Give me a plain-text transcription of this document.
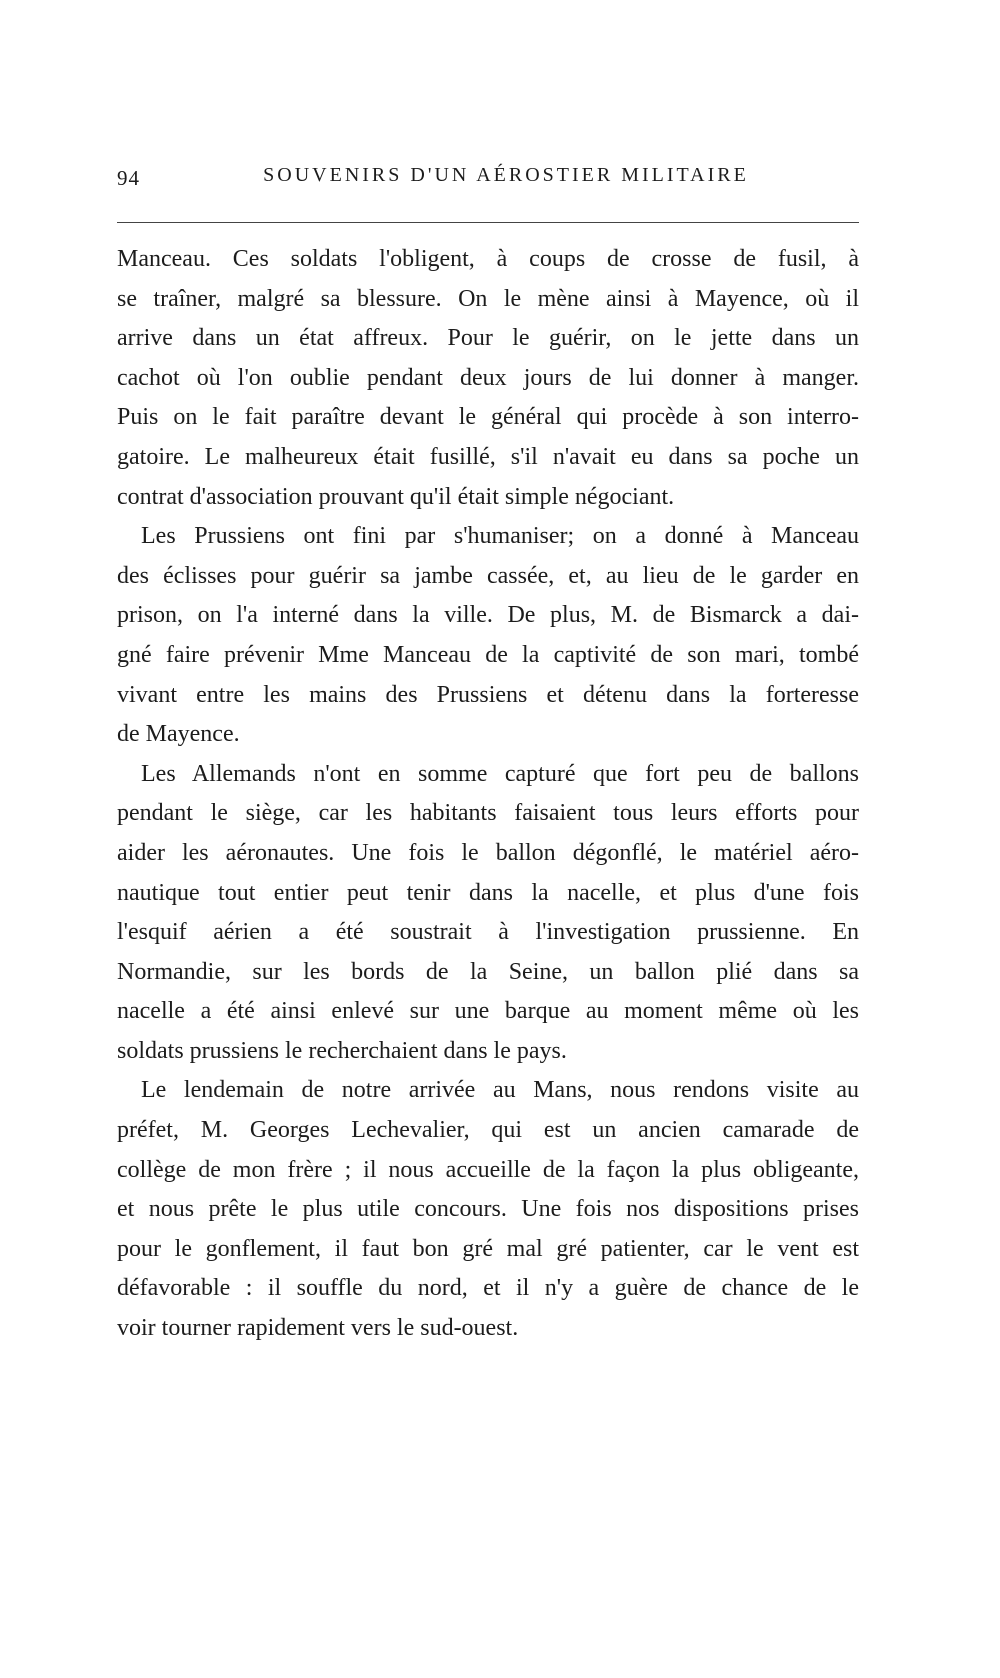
94	SOUVENIRS D'UN AÉROSTIER MILITAIRE
Manceau. Ces soldats l'obligent, à coups de crosse de fusil, à
se traîner, malgré sa blessure. On le mène ainsi à Mayence, où il
arrive dans un état affreux. Pour le guérir, on le jette dans un
cachot où l'on oublie pendant deux jours de lui donner à manger.
Puis on le fait paraître devant le général qui procède à son interro-
gatoire. Le malheureux était fusillé, s'il n'avait eu dans sa poche un
contrat d'association prouvant qu'il était simple négociant.
Les Prussiens ont fini par s'humaniser; on a donné à Manceau
des éclisses pour guérir sa jambe cassée, et, au lieu de le garder en
prison, on l'a interné dans la ville. De plus, M. de Bismarck a dai-
gné faire prévenir Mme Manceau de la captivité de son mari, tombé
vivant entre les mains des Prussiens et détenu dans la forteresse
de Mayence.
Les Allemands n'ont en somme capturé que fort peu de ballons
pendant le siège, car les habitants faisaient tous leurs efforts pour
aider les aéronautes. Une fois le ballon dégonflé, le matériel aéro-
nautique tout entier peut tenir dans la nacelle, et plus d'une fois
l'esquif aérien a été soustrait à l'investigation prussienne. En
Normandie, sur les bords de la Seine, un ballon plié dans sa
nacelle a été ainsi enlevé sur une barque au moment même où les
soldats prussiens le recherchaient dans le pays.
Le lendemain de notre arrivée au Mans, nous rendons visite au
préfet, M. Georges Lechevalier, qui est un ancien camarade de
collège de mon frère ; il nous accueille de la façon la plus obligeante,
et nous prête le plus utile concours. Une fois nos dispositions prises
pour le gonflement, il faut bon gré mal gré patienter, car le vent est
défavorable : il souffle du nord, et il n'y a guère de chance de le
voir tourner rapidement vers le sud-ouest.
